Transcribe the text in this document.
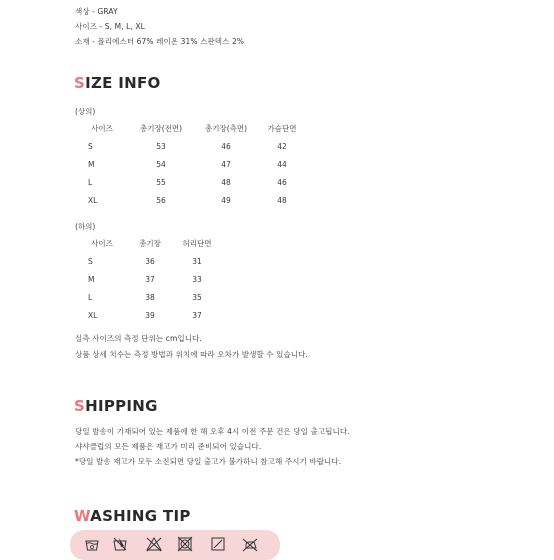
색상 - GRAY
사이즈 - S, M, L, XL
소재 - 폴리에스터 67% 레이온 31% 스판덱스 2%
SIZE INFO
(상의)
사이즈	총기장(전면)	총기장(측면)	가슴단면
S	53	46	42
M	54	47	44
L	55	48	46
XL	56	49	48
(하의)
사이즈	총기장	허리단면
S	36	31
M	37	33
L	38	35
XL	39	37
실측 사이즈의 측정 단위는 cm입니다.
상품 상세 치수는 측정 방법과 위치에 따라 오차가 발생할 수 있습니다.
SHIPPING
당일 발송이 기재되어 있는 제품에 한 해 오후 4시 이전 주문 건은 당일 출고됩니다.
샤샤클럽의 모든 제품은 재고가 미리 준비되어 있습니다.
*당일 발송 재고가 모두 소진되면 당일 출고가 불가하니 참고해 주시기 바랍니다.
WASHING TIP
